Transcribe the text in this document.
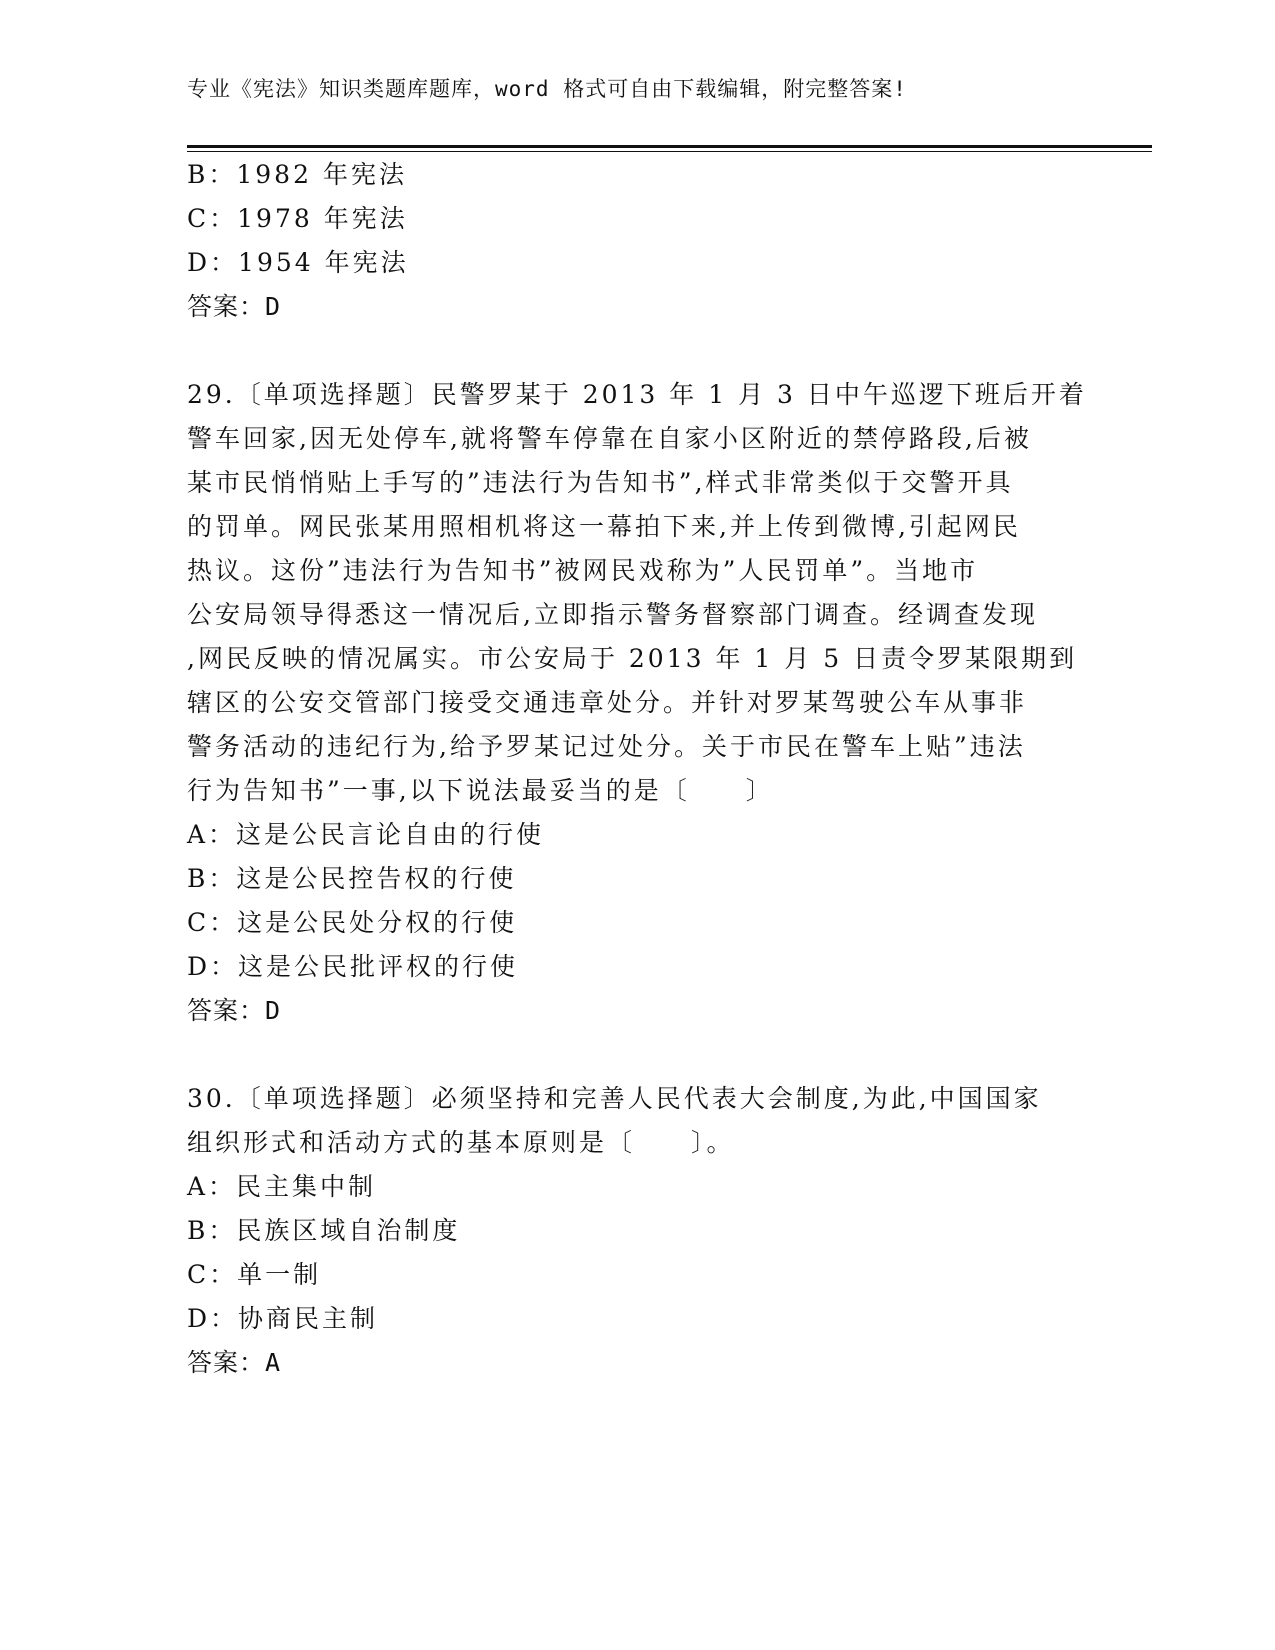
专业《宪法》知识类题库题库，word 格式可自由下载编辑，附完整答案!
B：1982 年宪法
C：1978 年宪法
D：1954 年宪法
答案：D
29.〔单项选择题〕民警罗某于 2013 年 1 月 3 日中午巡逻下班后开着
警车回家,因无处停车,就将警车停靠在自家小区附近的禁停路段,后被
某市民悄悄贴上手写的”违法行为告知书”,样式非常类似于交警开具
的罚单。网民张某用照相机将这一幕拍下来,并上传到微博,引起网民
热议。这份”违法行为告知书”被网民戏称为”人民罚单”。当地市
公安局领导得悉这一情况后,立即指示警务督察部门调查。经调查发现
,网民反映的情况属实。市公安局于 2013 年 1 月 5 日责令罗某限期到
辖区的公安交管部门接受交通违章处分。并针对罗某驾驶公车从事非
警务活动的违纪行为,给予罗某记过处分。关于市民在警车上贴”违法
行为告知书”一事,以下说法最妥当的是〔　　〕
A：这是公民言论自由的行使
B：这是公民控告权的行使
C：这是公民处分权的行使
D：这是公民批评权的行使
答案：D
30.〔单项选择题〕必须坚持和完善人民代表大会制度,为此,中国国家
组织形式和活动方式的基本原则是〔　　〕。
A：民主集中制
B：民族区域自治制度
C：单一制
D：协商民主制
答案：A
